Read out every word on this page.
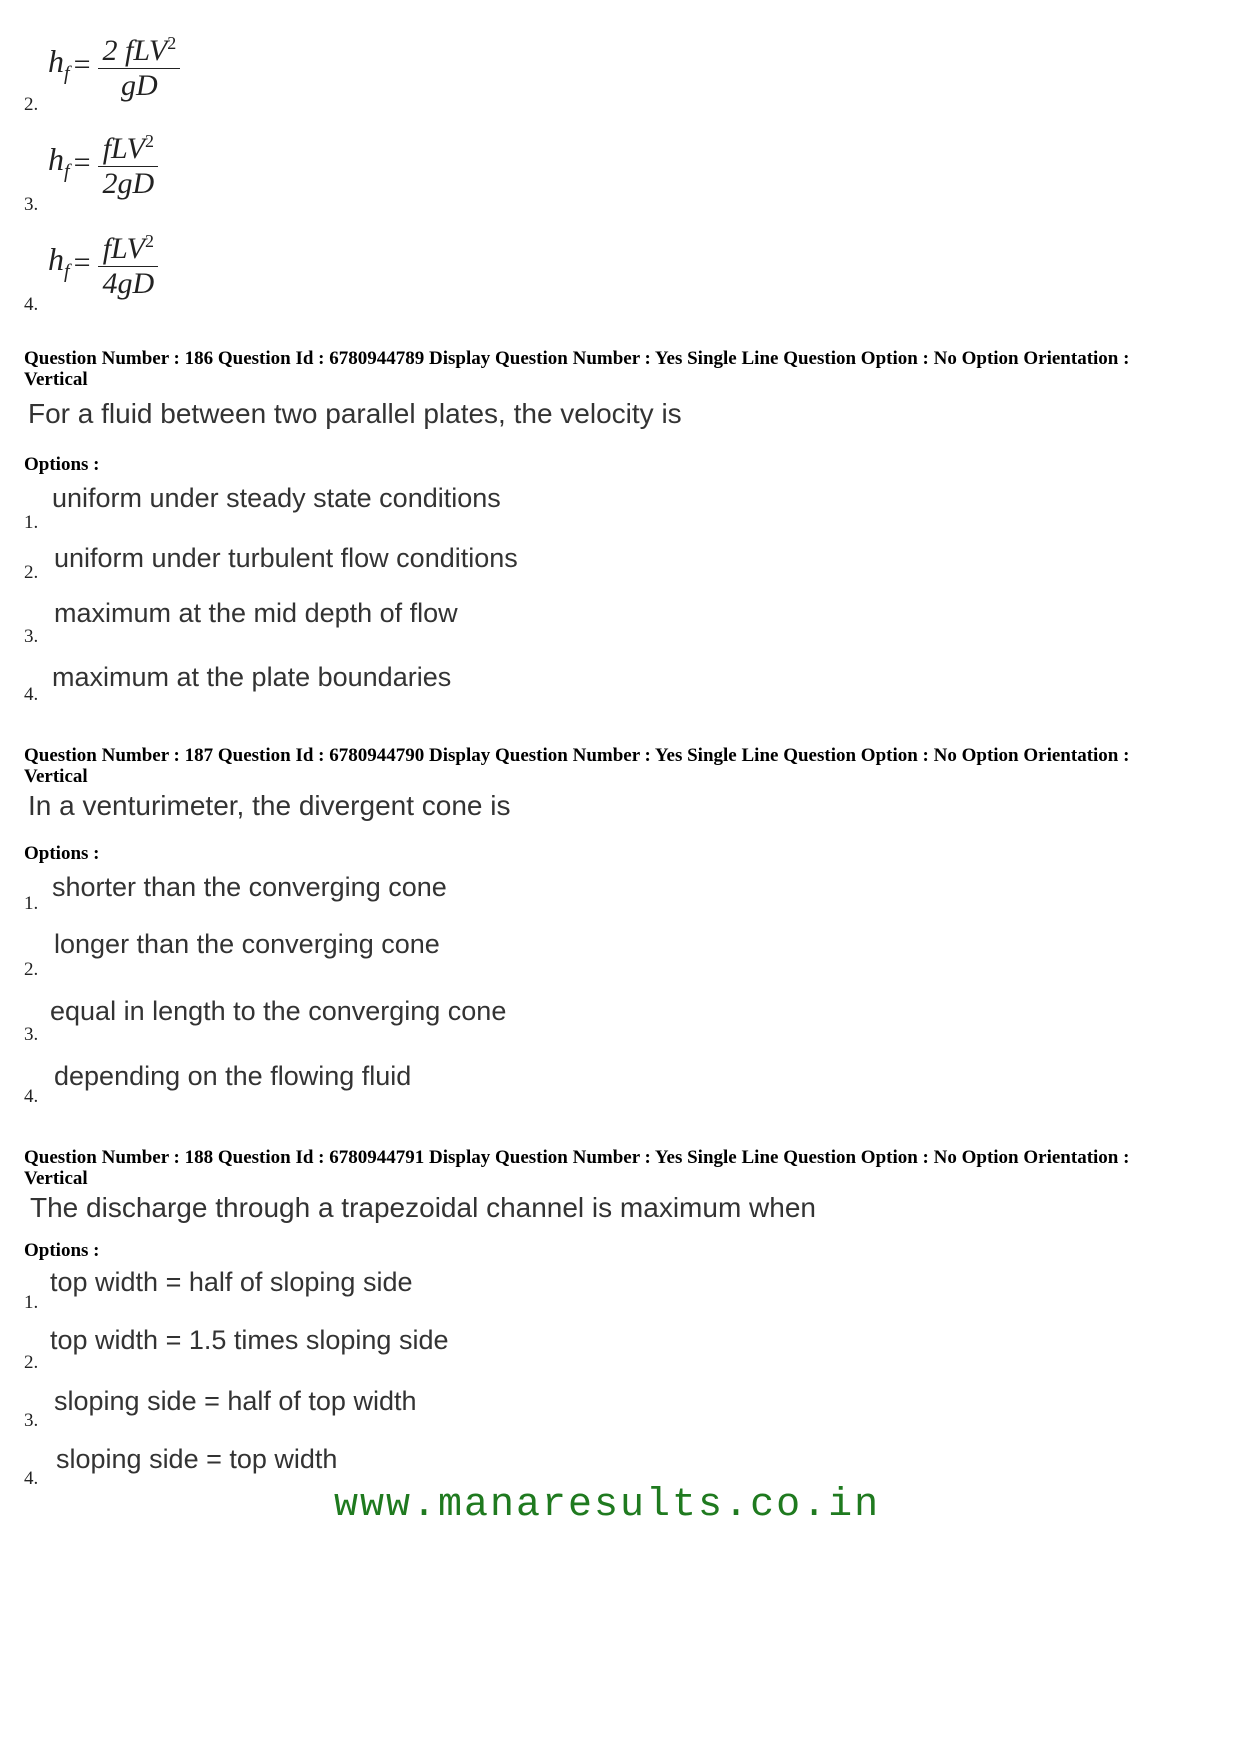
2.
$h_f = \frac{2 fLV^2}{gD}$
3.
$h_f = \frac{fLV^2}{2gD}$
4.
$h_f = \frac{fLV^2}{4gD}$
Question Number : 186 Question Id : 6780944789 Display Question Number : Yes Single Line Question Option : No Option Orientation : Vertical
For a fluid between two parallel plates, the velocity is
Options :
1.
uniform under steady state conditions
2. uniform under turbulent flow conditions
3.
maximum at the mid depth of flow
4.
maximum at the plate boundaries
Question Number : 187 Question Id : 6780944790 Display Question Number : Yes Single Line Question Option : No Option Orientation : Vertical
In a venturimeter, the divergent cone is
Options :
1.
shorter than the converging cone
2.
longer than the converging cone
3.
equal in length to the converging cone
4.
depending on the flowing fluid
Question Number : 188 Question Id : 6780944791 Display Question Number : Yes Single Line Question Option : No Option Orientation : Vertical
The discharge through a trapezoidal channel is maximum when
Options :
1.
top width = half of sloping side
2.
top width = 1.5 times sloping side
3.
sloping side = half of top width
4.
sloping side = top width
www.manaresults.co.in
